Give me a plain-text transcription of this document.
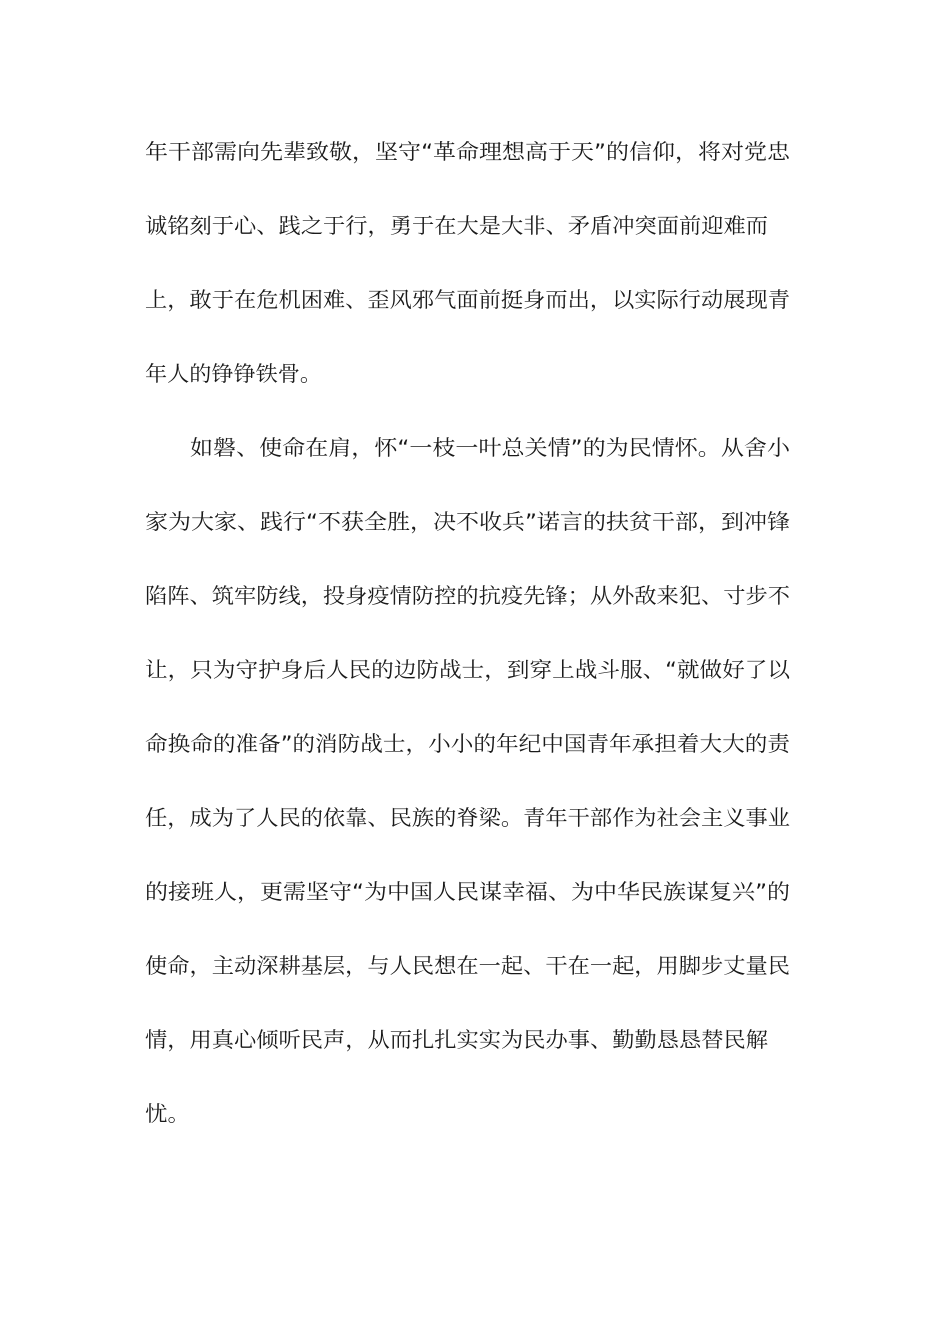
年干部需向先辈致敬，坚守“革命理想高于天”的信仰，将对党忠
诚铭刻于心、践之于行，勇于在大是大非、矛盾冲突面前迎难而
上，敢于在危机困难、歪风邪气面前挺身而出，以实际行动展现青
年人的铮铮铁骨。
如磐、使命在肩，怀“一枝一叶总关情”的为民情怀。从舍小
家为大家、践行“不获全胜，决不收兵”诺言的扶贫干部，到冲锋
陷阵、筑牢防线，投身疫情防控的抗疫先锋；从外敌来犯、寸步不
让，只为守护身后人民的边防战士，到穿上战斗服、“就做好了以
命换命的准备”的消防战士，小小的年纪中国青年承担着大大的责
任，成为了人民的依靠、民族的脊梁。青年干部作为社会主义事业
的接班人，更需坚守“为中国人民谋幸福、为中华民族谋复兴”的
使命，主动深耕基层，与人民想在一起、干在一起，用脚步丈量民
情，用真心倾听民声，从而扎扎实实为民办事、勤勤恳恳替民解
忧。
